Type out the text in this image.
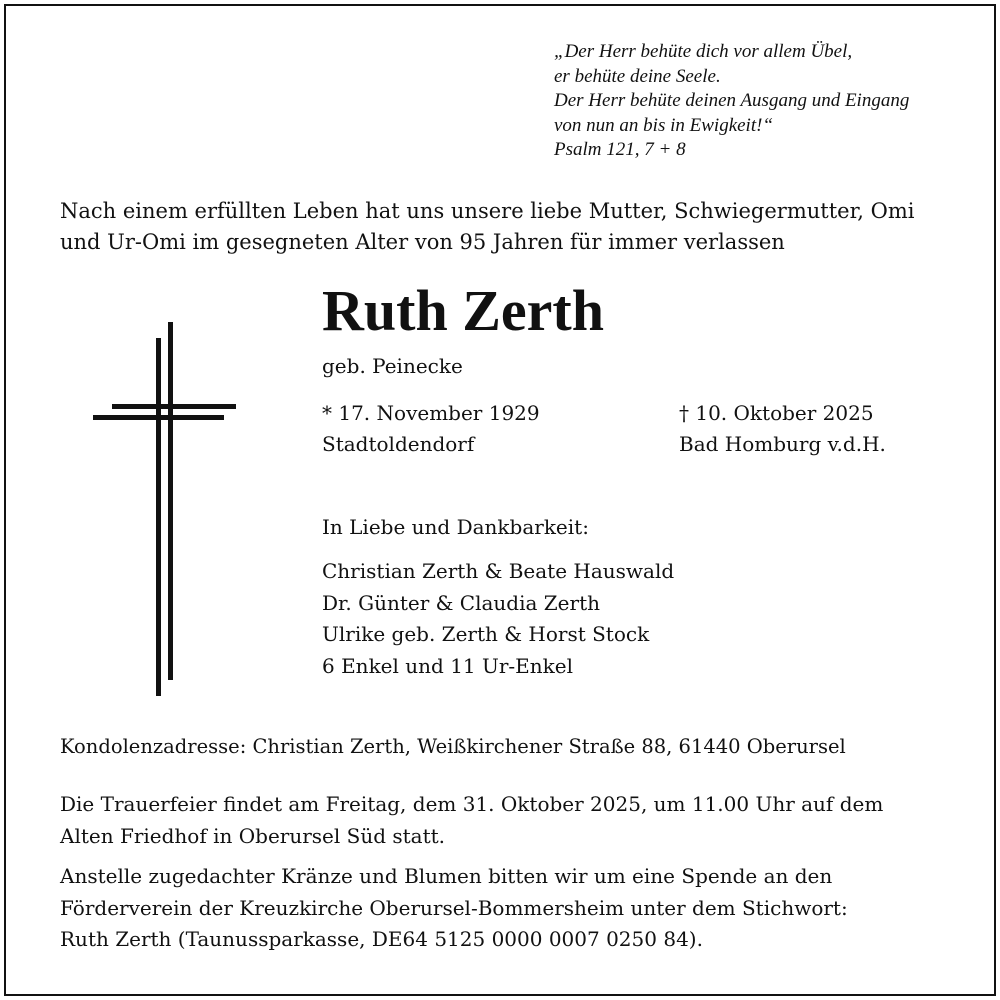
„Der Herr behüte dich vor allem Übel,
er behüte deine Seele.
Der Herr behüte deinen Ausgang und Eingang
von nun an bis in Ewigkeit!“
Psalm 121, 7 + 8
Nach einem erfüllten Leben hat uns unsere liebe Mutter, Schwiegermutter, Omi
und Ur-Omi im gesegneten Alter von 95 Jahren für immer verlassen
Ruth Zerth
geb. Peinecke
* 17. November 1929
Stadtoldendorf
† 10. Oktober 2025
Bad Homburg v.d.H.
In Liebe und Dankbarkeit:
Christian Zerth & Beate Hauswald
Dr. Günter & Claudia Zerth
Ulrike geb. Zerth & Horst Stock
6 Enkel und 11 Ur-Enkel
Kondolenzadresse: Christian Zerth, Weißkirchener Straße 88, 61440 Oberursel
Die Trauerfeier findet am Freitag, dem 31. Oktober 2025, um 11.00 Uhr auf dem
Alten Friedhof in Oberursel Süd statt.
Anstelle zugedachter Kränze und Blumen bitten wir um eine Spende an den
Förderverein der Kreuzkirche Oberursel-Bommersheim unter dem Stichwort:
Ruth Zerth (Taunussparkasse, DE64 5125 0000 0007 0250 84).
